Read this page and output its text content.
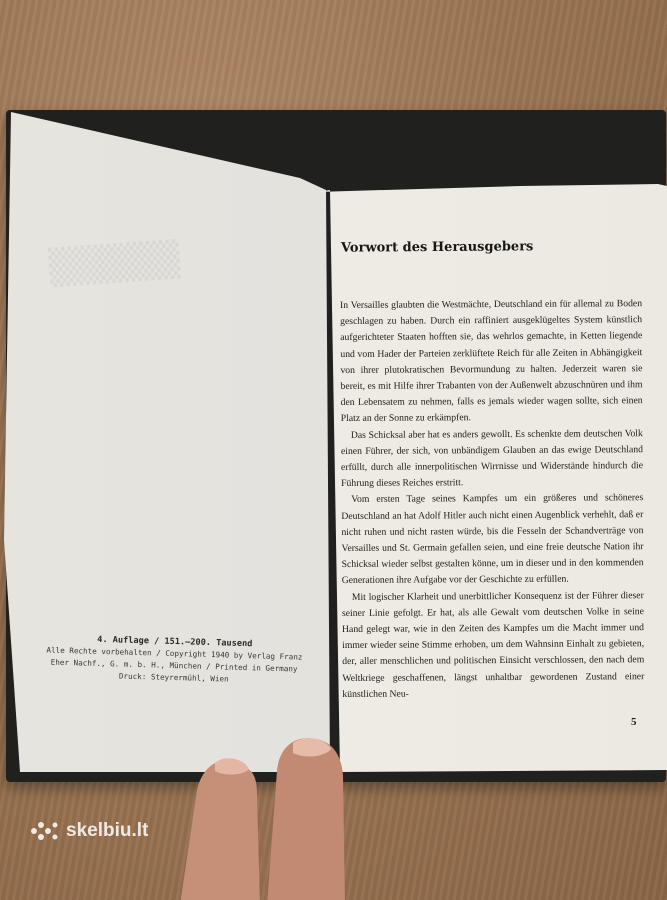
▒▒▒▒▒
4. Auflage / 151.–200. Tausend
Alle Rechte vorbehalten / Copyright 1940 by Verlag Franz
Eher Nachf., G. m. b. H., München / Printed in Germany
Druck: Steyrermühl, Wien
Vorwort des Herausgebers

In Versailles glaubten die Westmächte, Deutschland ein für allemal zu Boden geschlagen zu haben. Durch ein raffiniert ausgeklügeltes System künstlich aufgerichteter Staaten hofften sie, das wehrlos gemachte, in Ketten liegende und vom Hader der Parteien zerklüftete Reich für alle Zeiten in Abhängigkeit von ihrer plutokratischen Bevormundung zu halten. Jederzeit waren sie bereit, es mit Hilfe ihrer Trabanten von der Außenwelt abzuschnüren und ihm den Lebensatem zu nehmen, falls es jemals wieder wagen sollte, sich einen Platz an der Sonne zu erkämpfen.

Das Schicksal aber hat es anders gewollt. Es schenkte dem deutschen Volk einen Führer, der sich, von unbändigem Glauben an das ewige Deutschland erfüllt, durch alle innerpolitischen Wirrnisse und Widerstände hindurch die Führung dieses Reiches erstritt.

Vom ersten Tage seines Kampfes um ein größeres und schöneres Deutschland an hat Adolf Hitler auch nicht einen Augenblick verhehlt, daß er nicht ruhen und nicht rasten würde, bis die Fesseln der Schandverträge von Versailles und St. Germain gefallen seien, und eine freie deutsche Nation ihr Schicksal wieder selbst gestalten könne, um in dieser und in den kommenden Generationen ihre Aufgabe vor der Geschichte zu erfüllen.

Mit logischer Klarheit und unerbittlicher Konsequenz ist der Führer dieser seiner Linie gefolgt. Er hat, als alle Gewalt vom deutschen Volke in seine Hand gelegt war, wie in den Zeiten des Kampfes um die Macht immer und immer wieder seine Stimme erhoben, um dem Wahnsinn Einhalt zu gebieten, der, aller menschlichen und politischen Einsicht verschlossen, den nach dem Weltkriege geschaffenen, längst unhaltbar gewordenen Zustand einer künstlichen Neu-

5
skelbiu.lt
